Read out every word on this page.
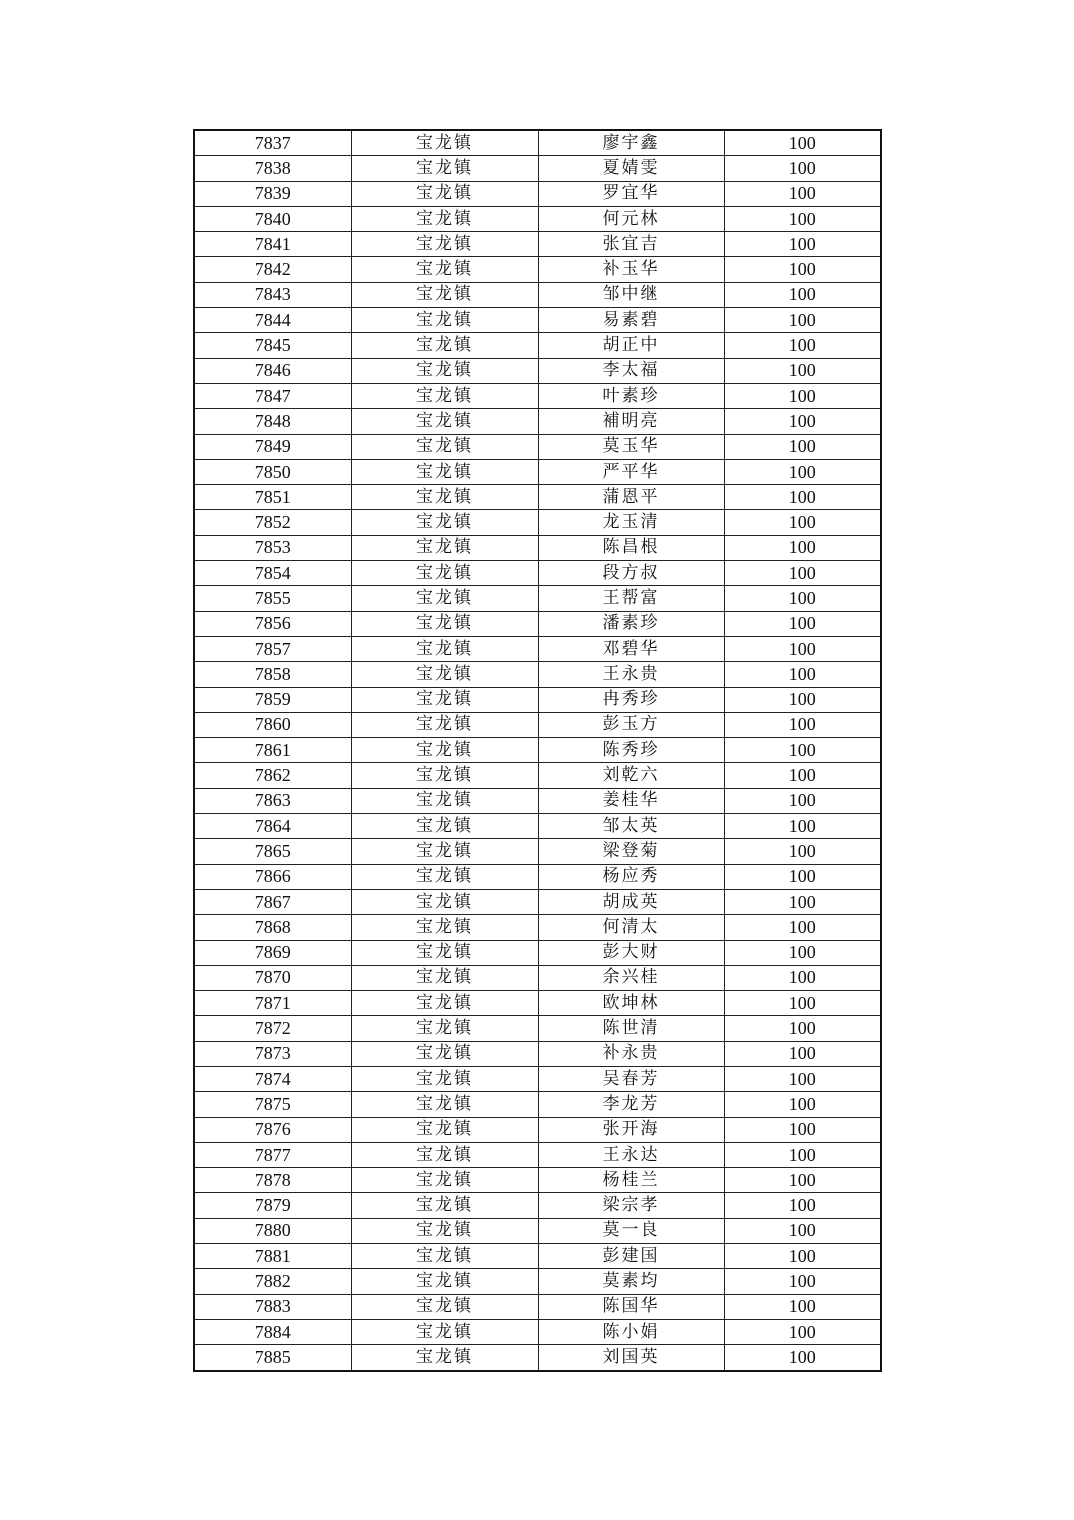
7837	宝龙镇	廖宇鑫	100
7838	宝龙镇	夏婧雯	100
7839	宝龙镇	罗宜华	100
7840	宝龙镇	何元林	100
7841	宝龙镇	张宜吉	100
7842	宝龙镇	补玉华	100
7843	宝龙镇	邹中继	100
7844	宝龙镇	易素碧	100
7845	宝龙镇	胡正中	100
7846	宝龙镇	李太福	100
7847	宝龙镇	叶素珍	100
7848	宝龙镇	補明亮	100
7849	宝龙镇	莫玉华	100
7850	宝龙镇	严平华	100
7851	宝龙镇	蒲恩平	100
7852	宝龙镇	龙玉清	100
7853	宝龙镇	陈昌根	100
7854	宝龙镇	段方叔	100
7855	宝龙镇	王帮富	100
7856	宝龙镇	潘素珍	100
7857	宝龙镇	邓碧华	100
7858	宝龙镇	王永贵	100
7859	宝龙镇	冉秀珍	100
7860	宝龙镇	彭玉方	100
7861	宝龙镇	陈秀珍	100
7862	宝龙镇	刘乾六	100
7863	宝龙镇	姜桂华	100
7864	宝龙镇	邹太英	100
7865	宝龙镇	梁登菊	100
7866	宝龙镇	杨应秀	100
7867	宝龙镇	胡成英	100
7868	宝龙镇	何清太	100
7869	宝龙镇	彭大财	100
7870	宝龙镇	余兴桂	100
7871	宝龙镇	欧坤林	100
7872	宝龙镇	陈世清	100
7873	宝龙镇	补永贵	100
7874	宝龙镇	吴春芳	100
7875	宝龙镇	李龙芳	100
7876	宝龙镇	张开海	100
7877	宝龙镇	王永达	100
7878	宝龙镇	杨桂兰	100
7879	宝龙镇	梁宗孝	100
7880	宝龙镇	莫一良	100
7881	宝龙镇	彭建国	100
7882	宝龙镇	莫素均	100
7883	宝龙镇	陈国华	100
7884	宝龙镇	陈小娟	100
7885	宝龙镇	刘国英	100
